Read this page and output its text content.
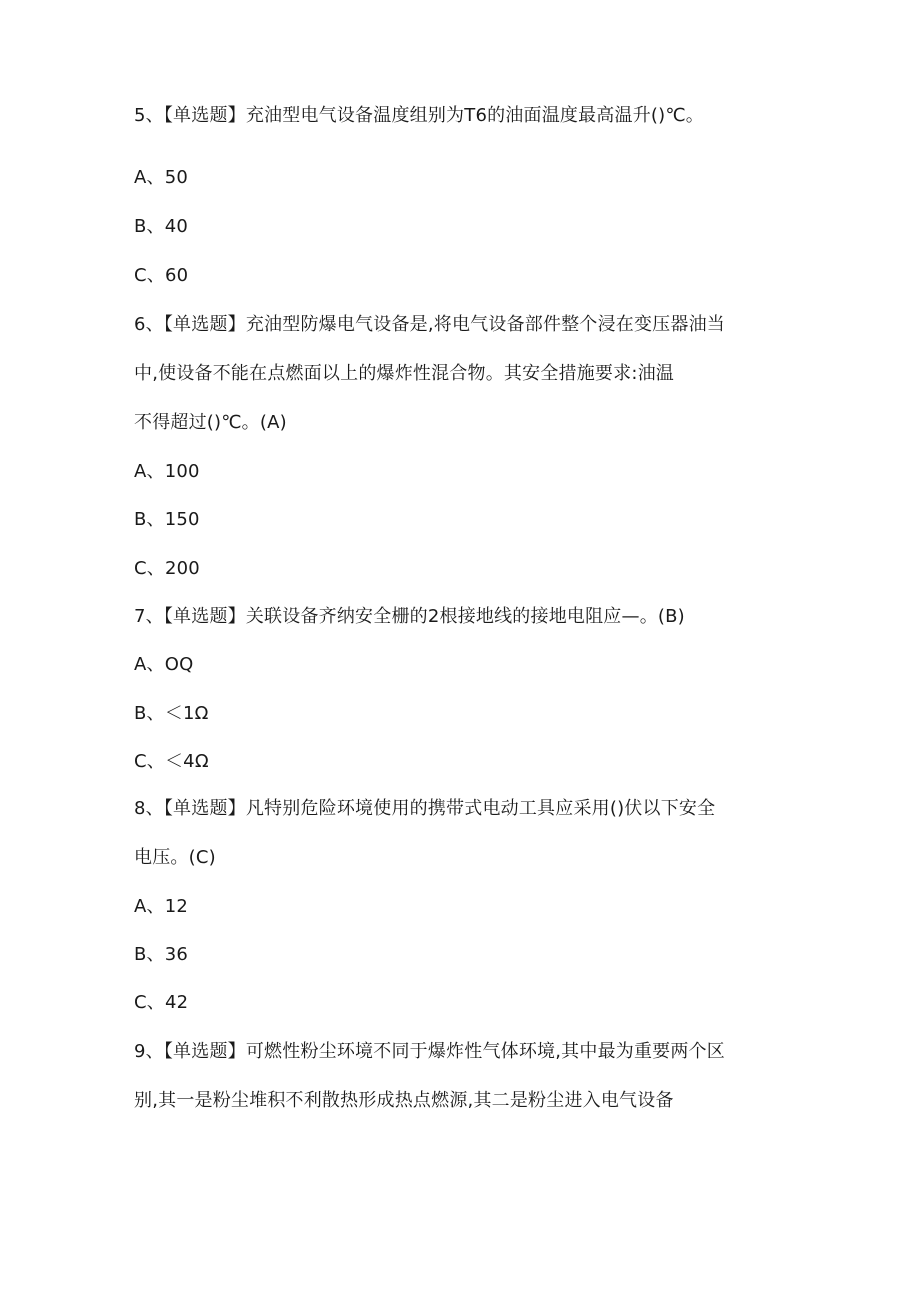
5、【单选题】充油型电气设备温度组别为T6的油面温度最高温升()℃。
A、50
B、40
C、60
6、【单选题】充油型防爆电气设备是,将电气设备部件整个浸在变压器油当
中,使设备不能在点燃面以上的爆炸性混合物。其安全措施要求:油温
不得超过()℃。(A)
A、100
B、150
C、200
7、【单选题】关联设备齐纳安全栅的2根接地线的接地电阻应—。(B)
A、OQ
B、＜1Ω
C、＜4Ω
8、【单选题】凡特别危险环境使用的携带式电动工具应采用()伏以下安全
电压。(C)
A、12
B、36
C、42
9、【单选题】可燃性粉尘环境不同于爆炸性气体环境,其中最为重要两个区
别,其一是粉尘堆积不利散热形成热点燃源,其二是粉尘进入电气设备
